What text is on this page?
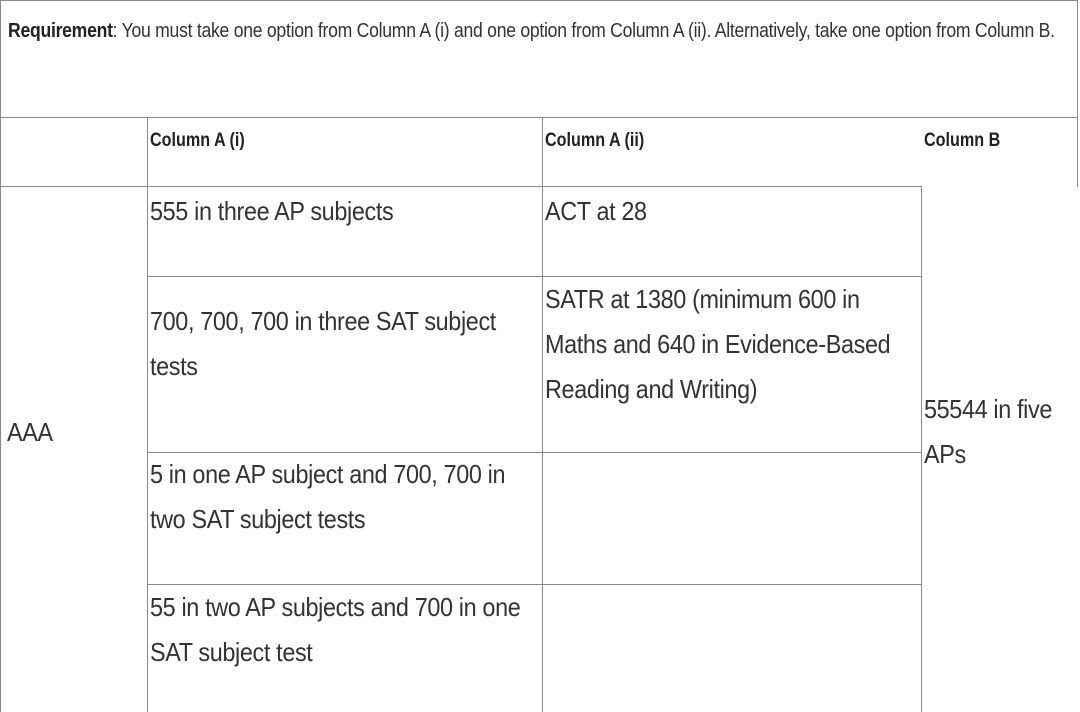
Requirement: You must take one option from Column A (i) and one option from Column A (ii). Alternatively, take one option from Column B.
Column A (i)	Column A (ii)	Column B
AAA
555 in three AP subjects
700, 700, 700 in three SAT subject tests
5 in one AP subject and 700, 700 in two SAT subject tests
55 in two AP subjects and 700 in one SAT subject test
ACT at 28
SATR at 1380 (minimum 600 in Maths and 640 in Evidence-Based Reading and Writing)
55544 in five APs
